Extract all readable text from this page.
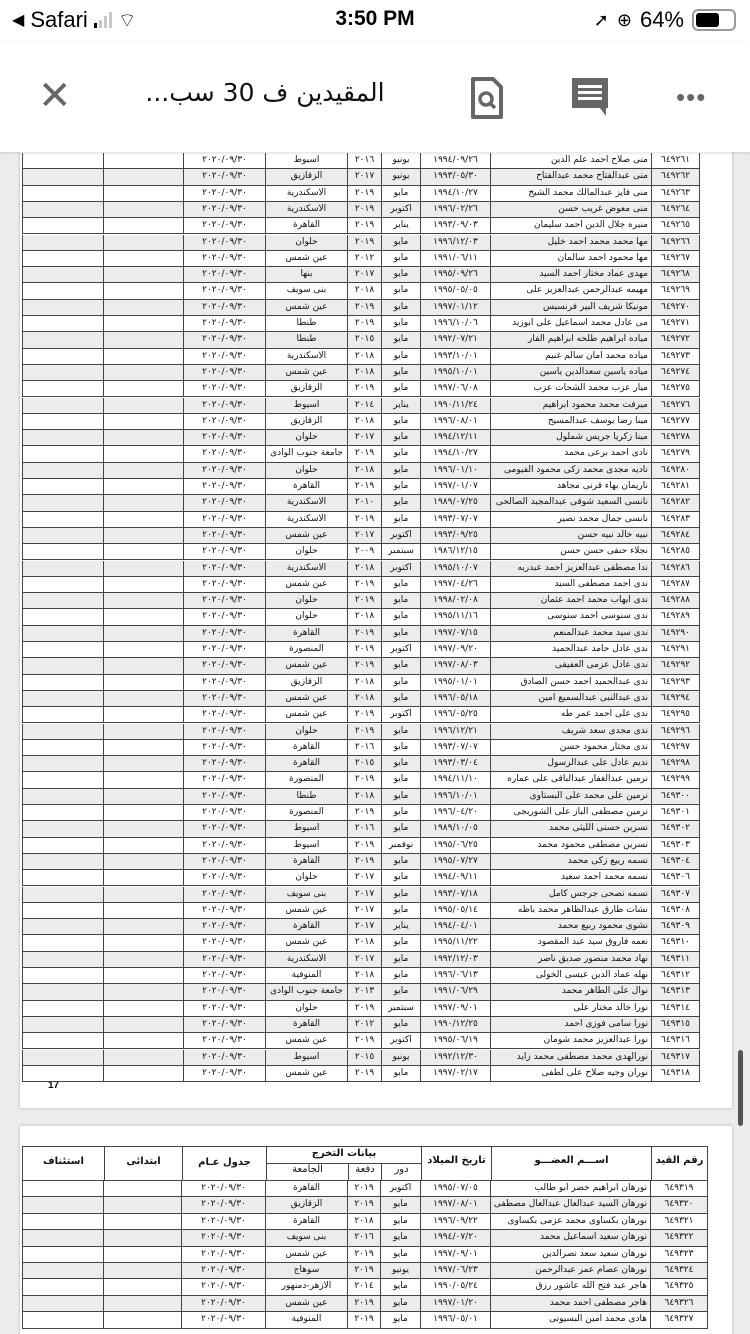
◀ Safari ⌔	3:50 PM	➚ ⊕ 64%
✕	المقيدين ف 30 سب...	•••
17
٢٠٢٠/٠٩/٣٠	اسيوط	٢٠١٦	يونيو	١٩٩٤/٠٩/٢٦	منى صلاح احمد علم الدين	٦٤٩٢٦١
٢٠٢٠/٠٩/٣٠	الزقازيق	٢٠١٧	يونيو	١٩٩٣/٠٥/٣٠	منى عبدالفتاح محمد عبدالفتاح	٦٤٩٢٦٢
٢٠٢٠/٠٩/٣٠	الاسكندرية	٢٠١٩	مايو	١٩٩٤/١٠/٢٧	منى فايز عبدالمالك محمد الشيخ	٦٤٩٢٦٣
٢٠٢٠/٠٩/٣٠	الاسكندرية	٢٠١٩	اكتوبر	١٩٩٦/٠٢/٢٦	منى معوض غريب حسن	٦٤٩٢٦٤
٢٠٢٠/٠٩/٣٠	القاهرة	٢٠١٩	يناير	١٩٩٣/٠٩/٠٣	منيره جلال الدين احمد سليمان	٦٤٩٢٦٥
٢٠٢٠/٠٩/٣٠	حلوان	٢٠١٩	مايو	١٩٩٦/١٢/٠٣	مها محمد محمد احمد خليل	٦٤٩٢٦٦
٢٠٢٠/٠٩/٣٠	عين شمس	٢٠١٢	مايو	١٩٩١/٠٦/١١	مها محمود احمد سالمان	٦٤٩٢٦٧
٢٠٢٠/٠٩/٣٠	بنها	٢٠١٧	مايو	١٩٩٥/٠٩/٢٦	مهدى عماد مختار احمد السيد	٦٤٩٢٦٨
٢٠٢٠/٠٩/٣٠	بنى سويف	٢٠١٨	مايو	١٩٩٥/٠٥/٠٥	مهيمه عبدالرحمن عبدالعزيز على	٦٤٩٢٦٩
٢٠٢٠/٠٩/٣٠	عين شمس	٢٠١٩	مايو	١٩٩٧/٠١/١٢	مونيكا شريف البير فرنسيس	٦٤٩٢٧٠
٢٠٢٠/٠٩/٣٠	طنطا	٢٠١٩	مايو	١٩٩٦/١٠/٠٦	مى عادل محمد اسماعيل على ابوزيد	٦٤٩٢٧١
٢٠٢٠/٠٩/٣٠	طنطا	٢٠١٥	مايو	١٩٩٢/٠٧/٢١	مياده ابراهيم طلحه ابراهيم الفار	٦٤٩٢٧٢
٢٠٢٠/٠٩/٣٠	الاسكندرية	٢٠١٨	مايو	١٩٩٣/١٠/٠١	مياده محمد امان سالم غنيم	٦٤٩٢٧٣
٢٠٢٠/٠٩/٣٠	عين شمس	٢٠١٨	مايو	١٩٩٥/١٠/٠١	مياده ياسين سعدالدين ياسين	٦٤٩٢٧٤
٢٠٢٠/٠٩/٣٠	الزقازيق	٢٠١٩	مايو	١٩٩٧/٠٦/٠٨	ميار عزب محمد الشحات عزب	٦٤٩٢٧٥
٢٠٢٠/٠٩/٣٠	اسيوط	٢٠١٤	يناير	١٩٩٠/١١/٢٤	ميرفت محمد محمود ابراهيم	٦٤٩٢٧٦
٢٠٢٠/٠٩/٣٠	الزقازيق	٢٠١٨	مايو	١٩٩٦/٠٨/٠١	مينا رضا يوسف عبدالمسيح	٦٤٩٢٧٧
٢٠٢٠/٠٩/٣٠	حلوان	٢٠١٧	مايو	١٩٩٤/١٢/١١	مينا زكريا جريس شملول	٦٤٩٢٧٨
٢٠٢٠/٠٩/٣٠	جامعة جنوب الوادى	٢٠١٩	مايو	١٩٩٤/١٠/٢٧	نادى احمد برعى محمد	٦٤٩٢٧٩
٢٠٢٠/٠٩/٣٠	حلوان	٢٠١٨	مايو	١٩٩٦/٠١/١٠	ناديه مجدى محمد زكى محمود الفيومى	٦٤٩٢٨٠
٢٠٢٠/٠٩/٣٠	القاهرة	٢٠١٩	مايو	١٩٩٧/٠١/٠٧	ناريمان بهاء قرنى مجاهد	٦٤٩٢٨١
٢٠٢٠/٠٩/٣٠	الاسكندرية	٢٠١٠	مايو	١٩٨٩/٠٧/٢٥	نانسى السعيد شوقى عبدالمجيد الصالحى	٦٤٩٢٨٢
٢٠٢٠/٠٩/٣٠	الاسكندرية	٢٠١٩	مايو	١٩٩٣/٠٧/٠٧	نانسى جمال محمد نصير	٦٤٩٢٨٣
٢٠٢٠/٠٩/٣٠	عين شمس	٢٠١٧	اكتوبر	١٩٩٣/٠٩/٢٥	نبيه خالد نبيه حسن	٦٤٩٢٨٤
٢٠٢٠/٠٩/٣٠	حلوان	٢٠٠٩	سبتمبر	١٩٨٦/١٢/١٥	نجلاء حنفى حسن حسن	٦٤٩٢٨٥
٢٠٢٠/٠٩/٣٠	الاسكندرية	٢٠١٨	اكتوبر	١٩٩٥/١٠/٠٧	ندا مصطفى عبدالعزيز احمد عبدربه	٦٤٩٢٨٦
٢٠٢٠/٠٩/٣٠	عين شمس	٢٠١٩	مايو	١٩٩٧/٠٤/٢٦	ندى احمد مصطفى السيد	٦٤٩٢٨٧
٢٠٢٠/٠٩/٣٠	حلوان	٢٠١٩	مايو	١٩٩٨/٠٢/٠٨	ندى ايهاب محمد احمد عثمان	٦٤٩٢٨٨
٢٠٢٠/٠٩/٣٠	حلوان	٢٠١٨	مايو	١٩٩٥/١١/١٦	ندى سنوسى احمد سنوسى	٦٤٩٢٨٩
٢٠٢٠/٠٩/٣٠	القاهرة	٢٠١٩	مايو	١٩٩٧/٠٧/١٥	ندى سيد محمد عبدالمنعم	٦٤٩٢٩٠
٢٠٢٠/٠٩/٣٠	المنصورة	٢٠١٩	اكتوبر	١٩٩٧/٠٩/٢٠	ندى عادل حامد عبدالحميد	٦٤٩٢٩١
٢٠٢٠/٠٩/٣٠	عين شمس	٢٠١٩	مايو	١٩٩٧/٠٨/٠٣	ندى عادل عزمى العفيفى	٦٤٩٢٩٢
٢٠٢٠/٠٩/٣٠	الزقازيق	٢٠١٨	مايو	١٩٩٥/٠١/٠١	ندى عبدالحميد احمد حسن الصادق	٦٤٩٢٩٣
٢٠٢٠/٠٩/٣٠	عين شمس	٢٠١٨	مايو	١٩٩٦/٠٥/١٨	ندى عبدالنبى عبدالسميع امين	٦٤٩٢٩٤
٢٠٢٠/٠٩/٣٠	عين شمس	٢٠١٩	اكتوبر	١٩٩٦/٠٥/٢٥	ندى على احمد عمر طه	٦٤٩٢٩٥
٢٠٢٠/٠٩/٣٠	حلوان	٢٠١٩	مايو	١٩٩٦/١٢/٢١	ندى مجدى سعد شريف	٦٤٩٢٩٦
٢٠٢٠/٠٩/٣٠	القاهرة	٢٠١٦	مايو	١٩٩٣/٠٧/٠٧	ندى مختار محمود حسن	٦٤٩٢٩٧
٢٠٢٠/٠٩/٣٠	القاهرة	٢٠١٥	مايو	١٩٩٣/٠٣/٠٤	نديم عادل على عبدالرسول	٦٤٩٢٩٨
٢٠٢٠/٠٩/٣٠	المنصورة	٢٠١٩	مايو	١٩٩٤/١١/١٠	نرمين عبدالغفار عبدالباقى على عماره	٦٤٩٢٩٩
٢٠٢٠/٠٩/٣٠	طنطا	٢٠١٨	مايو	١٩٩٦/١٠/٠١	نرمين على محمد على البستاوى	٦٤٩٣٠٠
٢٠٢٠/٠٩/٣٠	المنصورة	٢٠١٩	مايو	١٩٩٦/٠٤/٢٠	نرمين مصطفى الباز على الشوربجى	٦٤٩٣٠١
٢٠٢٠/٠٩/٣٠	اسيوط	٢٠١٦	مايو	١٩٨٩/١٠/٠٥	نسرين حسنى الليثى محمد	٦٤٩٣٠٢
٢٠٢٠/٠٩/٣٠	اسيوط	٢٠١٩	نوفمبر	١٩٩٥/٠٦/٢٥	نسرين مصطفى محمود محمد	٦٤٩٣٠٣
٢٠٢٠/٠٩/٣٠	القاهرة	٢٠١٩	مايو	١٩٩٥/٠٧/٢٧	نسمه ربيع زكى محمد	٦٤٩٣٠٤
٢٠٢٠/٠٩/٣٠	حلوان	٢٠١٧	مايو	١٩٩٤/٠٩/١١	نسمه محمد احمد سعيد	٦٤٩٣٠٦
٢٠٢٠/٠٩/٣٠	بنى سويف	٢٠١٧	مايو	١٩٩٣/٠٧/١٨	نسمه نصحى جرجس كامل	٦٤٩٣٠٧
٢٠٢٠/٠٩/٣٠	عين شمس	٢٠١٧	مايو	١٩٩٥/٠٥/١٤	نشات طارق عبدالظاهر محمد باظه	٦٤٩٣٠٨
٢٠٢٠/٠٩/٣٠	القاهرة	٢٠١٧	يناير	١٩٩٤/٠٤/٠١	نشوى محمود ربيع محمد	٦٤٩٣٠٩
٢٠٢٠/٠٩/٣٠	عين شمس	٢٠١٨	مايو	١٩٩٥/١١/٢٢	نعمه فاروق سيد عبد المقصود	٦٤٩٣١٠
٢٠٢٠/٠٩/٣٠	الاسكندرية	٢٠١٧	مايو	١٩٩٢/١٢/٠٣	نهاد محمد منصور صديق ناصر	٦٤٩٣١١
٢٠٢٠/٠٩/٣٠	المنوفية	٢٠١٨	مايو	١٩٩٦/٠٦/١٣	نهله عماد الدين عيسى الخولى	٦٤٩٣١٢
٢٠٢٠/٠٩/٣٠	جامعة جنوب الوادى	٢٠١٣	مايو	١٩٩١/٠٦/٢٩	نوال على الطاهر محمد	٦٤٩٣١٣
٢٠٢٠/٠٩/٣٠	حلوان	٢٠١٩	سبتمبر	١٩٩٧/٠٩/٠١	نورا خالد مختار على	٦٤٩٣١٤
٢٠٢٠/٠٩/٣٠	القاهرة	٢٠١٢	مايو	١٩٩٠/١٢/٢٥	نورا سامى فوزى احمد	٦٤٩٣١٥
٢٠٢٠/٠٩/٣٠	عين شمس	٢٠١٩	اكتوبر	١٩٩٥/٠٦/١٩	نورا عبدالعزيز محمد شومان	٦٤٩٣١٦
٢٠٢٠/٠٩/٣٠	اسيوط	٢٠١٥	يونيو	١٩٩٢/١٢/٣٠	نورالهدى محمد مصطفى محمد زايد	٦٤٩٣١٧
٢٠٢٠/٠٩/٣٠	عين شمس	٢٠١٩	مايو	١٩٩٧/٠٢/١٧	نوران وجيه صلاح على لطفى	٦٤٩٣١٨
استئناف	ابتدائى	جدول عـام
بيانات التخرج
الجامعة	دفعة	دور
تاريخ الميلاد	اســـم العضـــو	رقم القيد
٢٠٢٠/٠٩/٣٠	القاهرة	٢٠١٩	اكتوبر	١٩٩٥/٠٧/٠٥	نورهان ابراهيم خضر ابو طالب	٦٤٩٣١٩
٢٠٢٠/٠٩/٣٠	الزقازيق	٢٠١٩	مايو	١٩٩٧/٠٨/٠١	نورهان السيد عبدالعال عبدالعال مصطفى	٦٤٩٣٢٠
٢٠٢٠/٠٩/٣٠	القاهرة	٢٠١٨	مايو	١٩٩٦/٠٩/٢٢	نورهان بكساوى محمد عزمى بكساوى	٦٤٩٣٢١
٢٠٢٠/٠٩/٣٠	بنى سويف	٢٠١٦	مايو	١٩٩٤/٠٧/٢٠	نورهان سعيد اسماعيل محمد	٦٤٩٣٢٢
٢٠٢٠/٠٩/٣٠	عين شمس	٢٠١٩	مايو	١٩٩٧/٠٩/٠١	نورهان سعيد سعد نصرالدين	٦٤٩٣٢٣
٢٠٢٠/٠٩/٣٠	سوهاج	٢٠١٩	يونيو	١٩٩٧/٠٦/٢٣	نورهان عصام عمر عبدالرحمن	٦٤٩٣٢٤
٢٠٢٠/٠٩/٣٠	الازهر-دمنهور	٢٠١٤	مايو	١٩٩٠/٠٥/٢٤	هاجر عبد فتح الله عاشور رزق	٦٤٩٣٢٥
٢٠٢٠/٠٩/٣٠	عين شمس	٢٠١٩	مايو	١٩٩٧/٠١/٢٠	هاجر مصطفى احمد محمد	٦٤٩٣٢٦
٢٠٢٠/٠٩/٣٠	المنوفية	٢٠١٩	مايو	١٩٩٦/٠٥/٠١	هادى محمد امين البسيونى	٦٤٩٣٢٧
